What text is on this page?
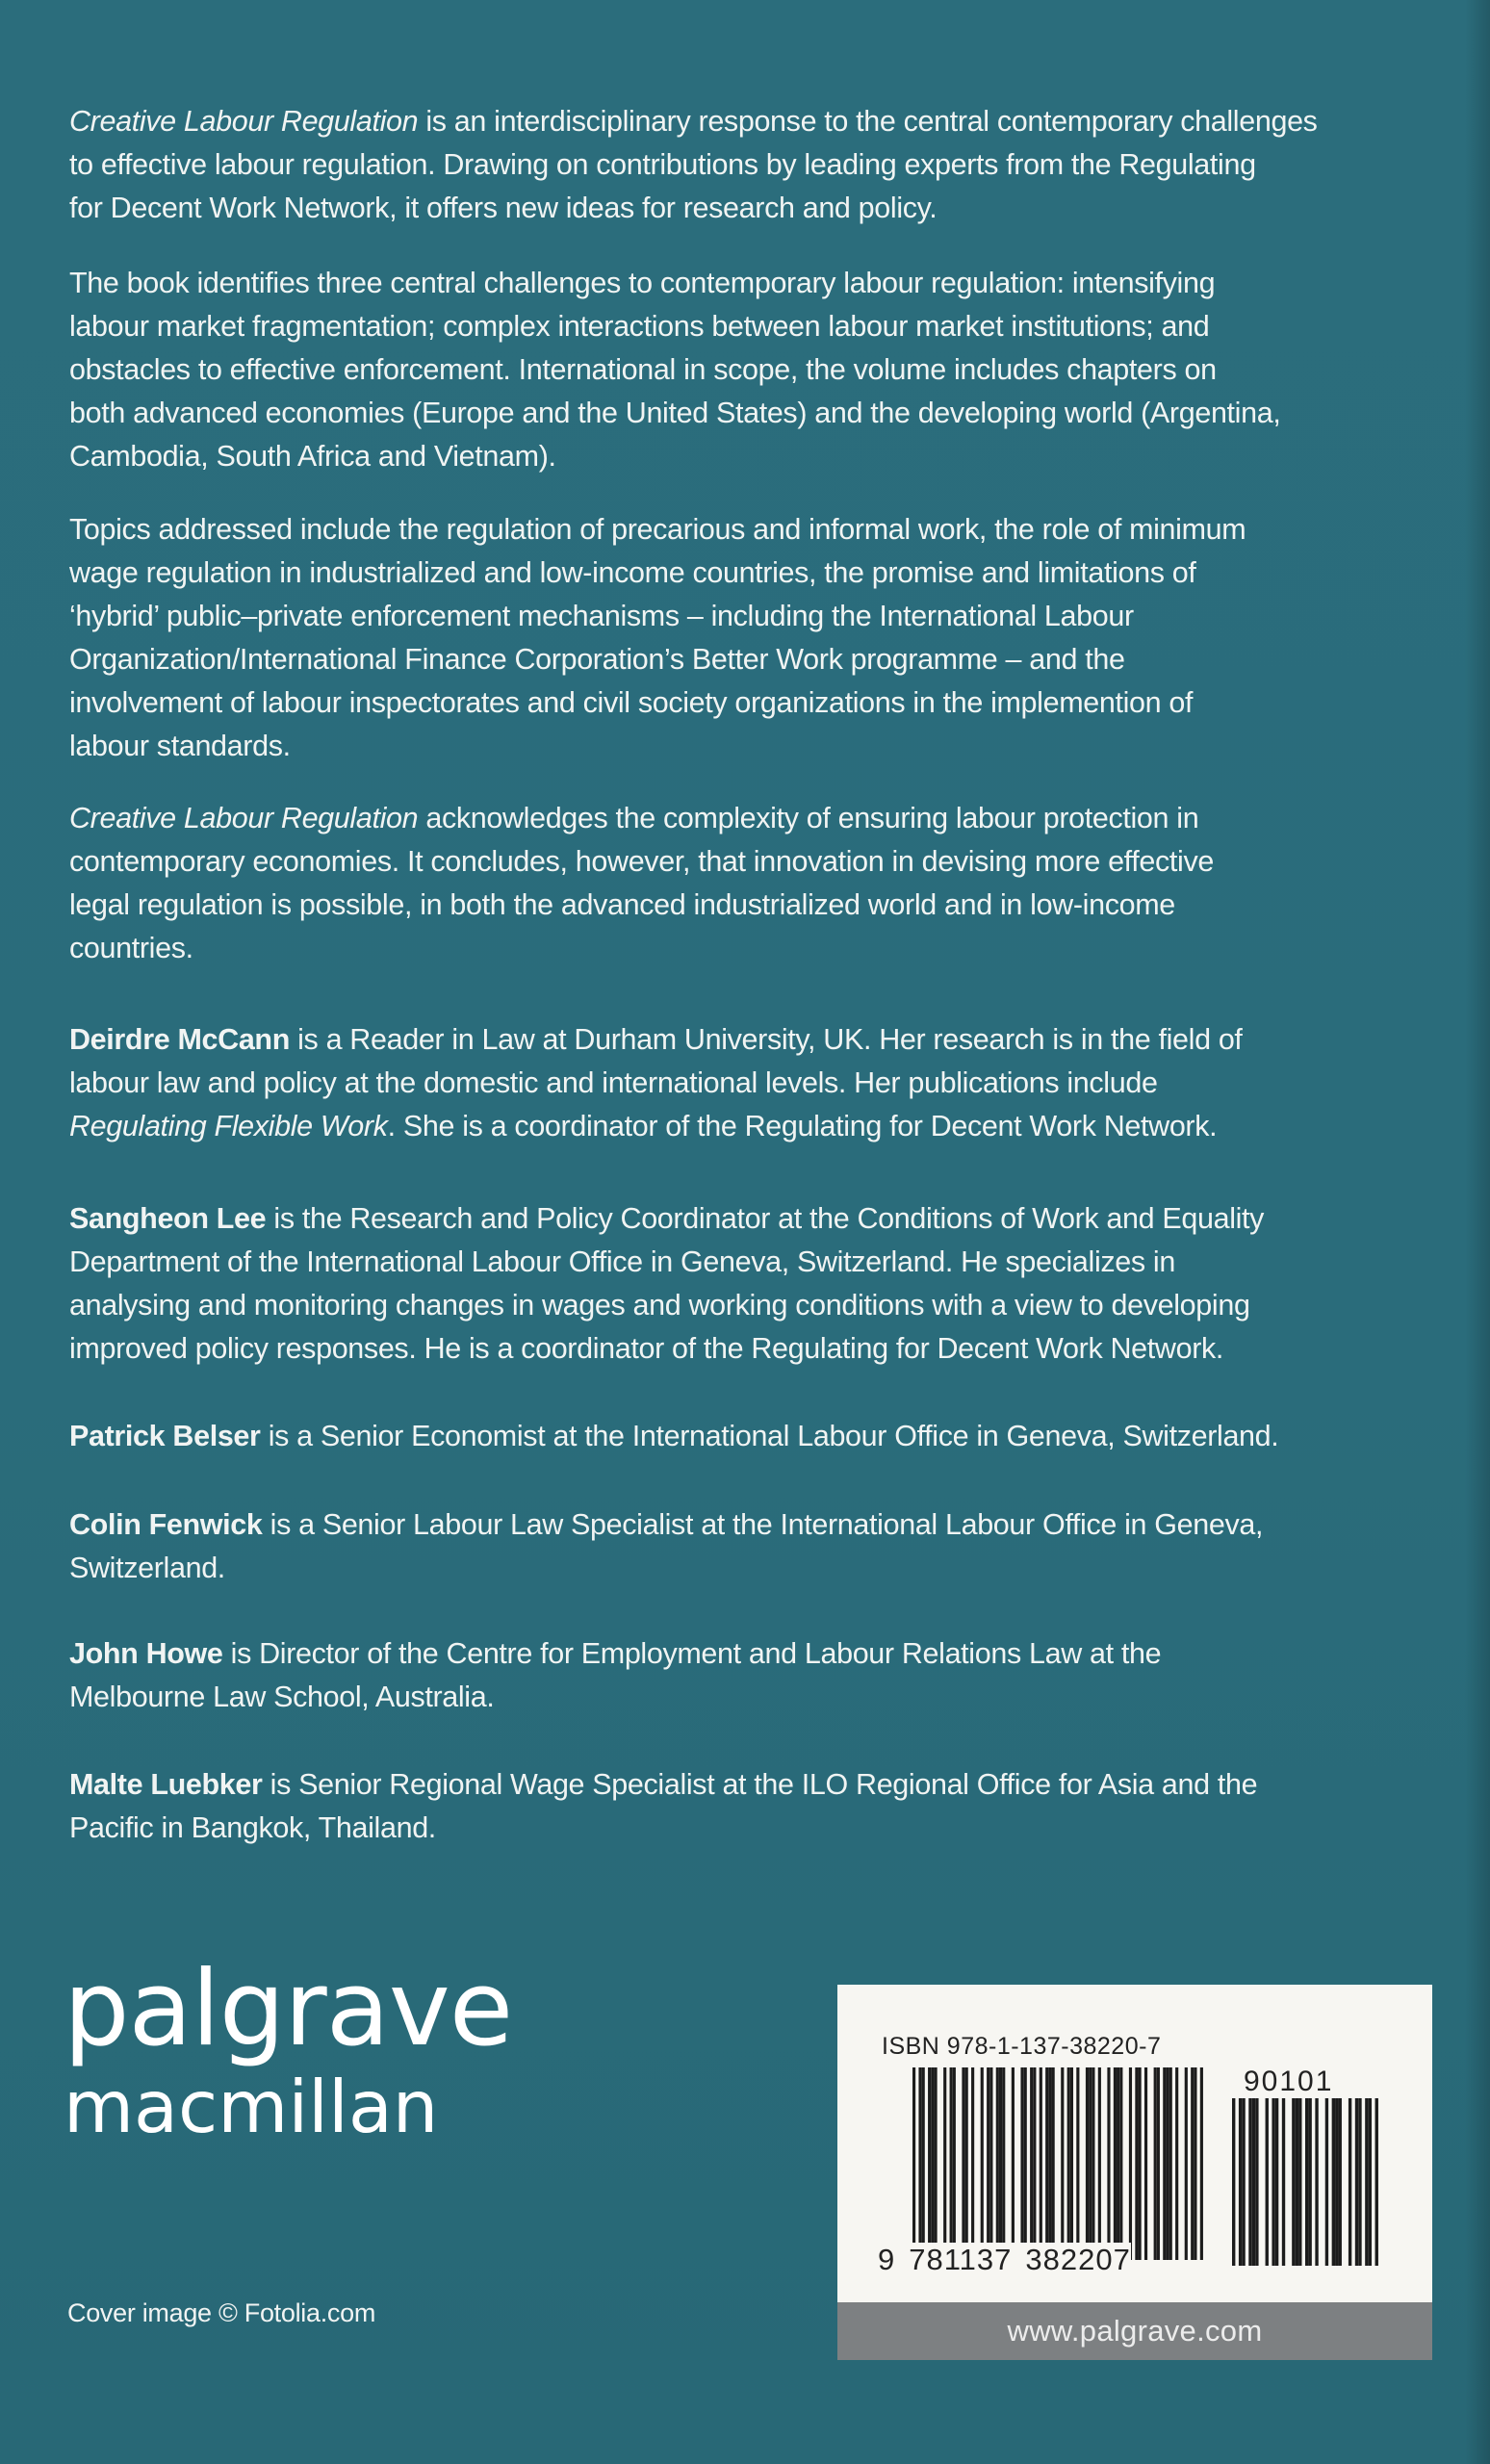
Creative Labour Regulation is an interdisciplinary response to the central contemporary challenges

to effective labour regulation. Drawing on contributions by leading experts from the Regulating

for Decent Work Network, it offers new ideas for research and policy.

The book identifies three central challenges to contemporary labour regulation: intensifying

labour market fragmentation; complex interactions between labour market institutions; and

obstacles to effective enforcement. International in scope, the volume includes chapters on

both advanced economies (Europe and the United States) and the developing world (Argentina,

Cambodia, South Africa and Vietnam).

Topics addressed include the regulation of precarious and informal work, the role of minimum

wage regulation in industrialized and low-income countries, the promise and limitations of

‘hybrid’ public–private enforcement mechanisms – including the International Labour

Organization/International Finance Corporation’s Better Work programme – and the

involvement of labour inspectorates and civil society organizations in the implemention of

labour standards.

Creative Labour Regulation acknowledges the complexity of ensuring labour protection in

contemporary economies. It concludes, however, that innovation in devising more effective

legal regulation is possible, in both the advanced industrialized world and in low-income

countries.

Deirdre McCann is a Reader in Law at Durham University, UK. Her research is in the field of

labour law and policy at the domestic and international levels. Her publications include

Regulating Flexible Work. She is a coordinator of the Regulating for Decent Work Network.

Sangheon Lee is the Research and Policy Coordinator at the Conditions of Work and Equality

Department of the International Labour Office in Geneva, Switzerland. He specializes in

analysing and monitoring changes in wages and working conditions with a view to developing

improved policy responses. He is a coordinator of the Regulating for Decent Work Network.

Patrick Belser is a Senior Economist at the International Labour Office in Geneva, Switzerland.

Colin Fenwick is a Senior Labour Law Specialist at the International Labour Office in Geneva,

Switzerland.

John Howe is Director of the Centre for Employment and Labour Relations Law at the

Melbourne Law School, Australia.

Malte Luebker is Senior Regional Wage Specialist at the ILO Regional Office for Asia and the

Pacific in Bangkok, Thailand.

palgrave
macmillan
Cover image © Fotolia.com
ISBN 978-1-137-38220-7
90101
9 781137 382207
www.palgrave.com
